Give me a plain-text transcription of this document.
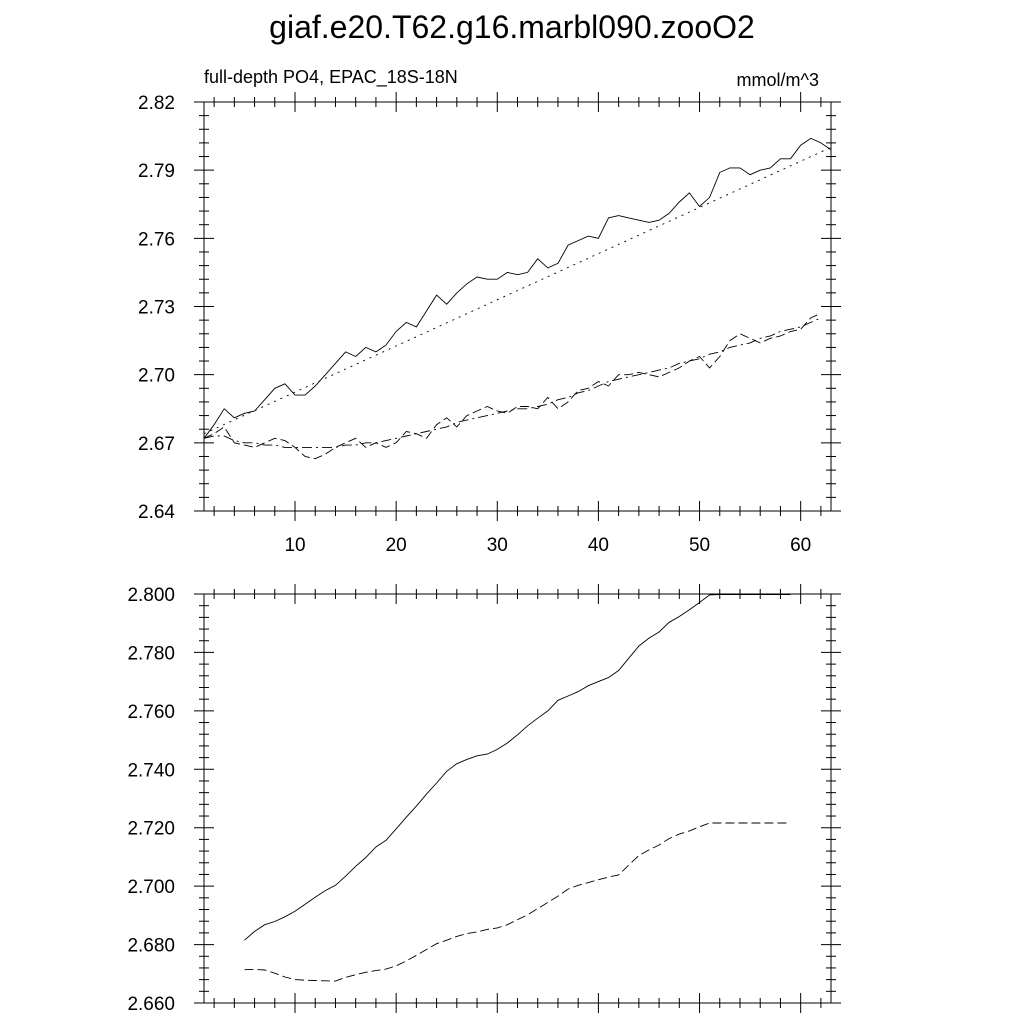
giaf.e20.T62.g16.marbl090.zooO2
full-depth PO4, EPAC_18S-18N	mmol/m^3
10	20	30	40	50	60
2.64
2.67
2.70
2.73
2.76
2.79
2.82
2.660
2.680
2.700
2.720
2.740
2.760
2.780
2.800
